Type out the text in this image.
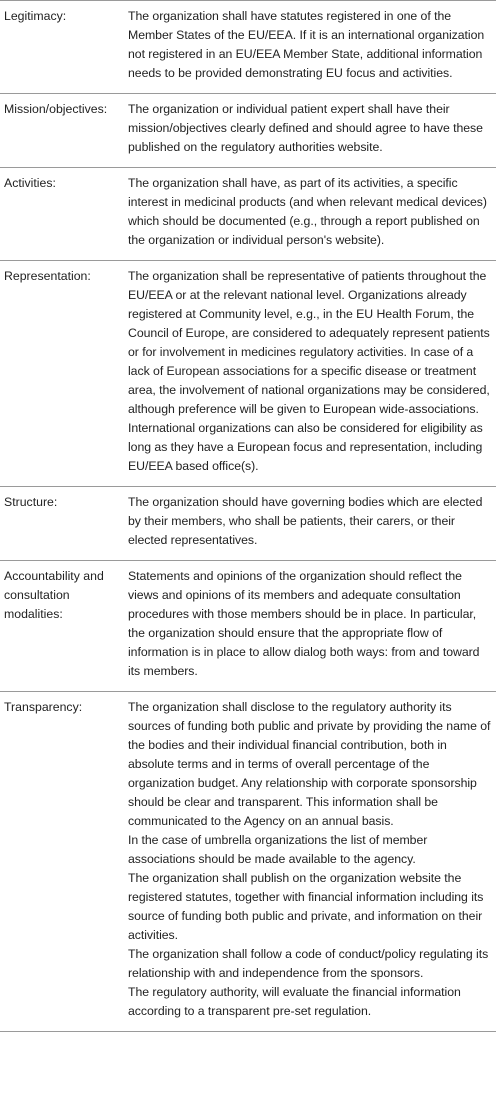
Legitimacy:	The organization shall have statutes registered in one of the Member States of the EU/EEA. If it is an international organization not registered in an EU/EEA Member State, additional information needs to be provided demonstrating EU focus and activities.
Mission/objectives:	The organization or individual patient expert shall have their mission/objectives clearly defined and should agree to have these published on the regulatory authorities website.
Activities:	The organization shall have, as part of its activities, a specific interest in medicinal products (and when relevant medical devices) which should be documented (e.g., through a report published on the organization or individual person's website).
Representation:	The organization shall be representative of patients throughout the EU/EEA or at the relevant national level. Organizations already registered at Community level, e.g., in the EU Health Forum, the Council of Europe, are considered to adequately represent patients or for involvement in medicines regulatory activities. In case of a lack of European associations for a specific disease or treatment area, the involvement of national organizations may be considered, although preference will be given to European wide-associations. International organizations can also be considered for eligibility as long as they have a European focus and representation, including EU/EEA based office(s).
Structure:	The organization should have governing bodies which are elected by their members, who shall be patients, their carers, or their elected representatives.
Accountability and consultation modalities:	Statements and opinions of the organization should reflect the views and opinions of its members and adequate consultation procedures with those members should be in place. In particular, the organization should ensure that the appropriate flow of information is in place to allow dialog both ways: from and toward its members.
Transparency:	The organization shall disclose to the regulatory authority its sources of funding both public and private by providing the name of the bodies and their individual financial contribution, both in absolute terms and in terms of overall percentage of the organization budget. Any relationship with corporate sponsorship should be clear and transparent. This information shall be communicated to the Agency on an annual basis.
In the case of umbrella organizations the list of member associations should be made available to the agency.
The organization shall publish on the organization website the registered statutes, together with financial information including its source of funding both public and private, and information on their activities.
The organization shall follow a code of conduct/policy regulating its relationship with and independence from the sponsors.
The regulatory authority, will evaluate the financial information according to a transparent pre-set regulation.
